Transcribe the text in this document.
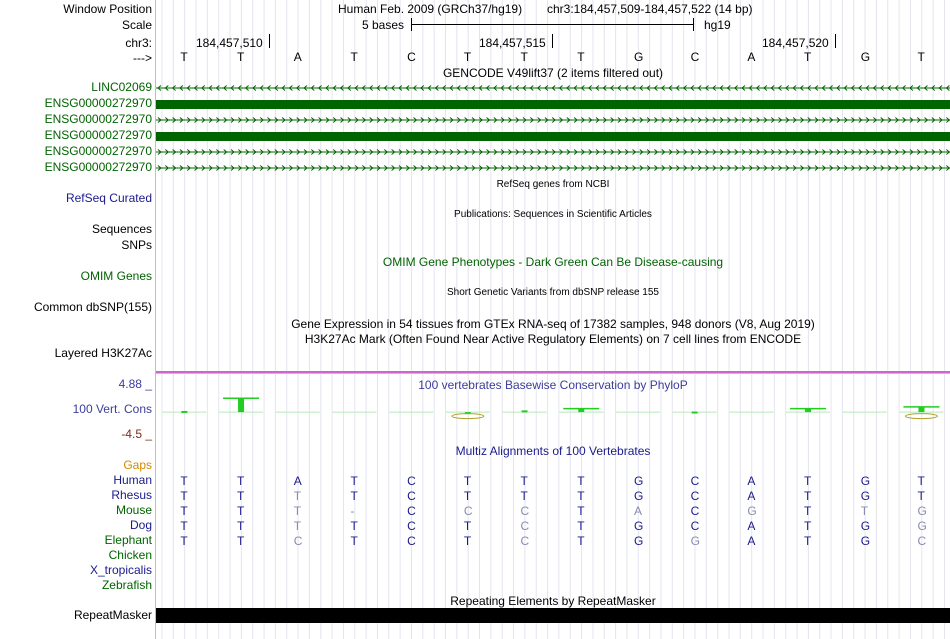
Window Position	Human Feb. 2009 (GRCh37/hg19) chr3:184,457,509-184,457,522 (14 bp)
Scale	5 bases	hg19
chr3:	184,457,510	184,457,515	184,457,520
---> T	T	A	T	C	T	T	T	G	C	A	T	G	T
GENCODE V49lift37 (2 items filtered out)
LINC02069
ENSG00000272970
ENSG00000272970
ENSG00000272970
ENSG00000272970
ENSG00000272970
RefSeq genes from NCBI
RefSeq Curated
Publications: Sequences in Scientific Articles
Sequences
SNPs
OMIM Gene Phenotypes - Dark Green Can Be Disease-causing
OMIM Genes
Short Genetic Variants from dbSNP release 155
Common dbSNP(155)
Gene Expression in 54 tissues from GTEx RNA-seq of 17382 samples, 948 donors (V8, Aug 2019)
H3K27Ac Mark (Often Found Near Active Regulatory Elements) on 7 cell lines from ENCODE
Layered H3K27Ac
4.88 _	100 vertebrates Basewise Conservation by PhyloP
100 Vert. Cons
-4.5 _
Multiz Alignments of 100 Vertebrates
Gaps
Human T	T	A	T	C	T	T	T	G	C	A	T	G	T
Rhesus T	T	T	T	C	T	T	T	G	C	A	T	G	T
Mouse T	T	T	-	C	C	C	T	A	C	G	T	T	G
Dog T	T	T	T	C	T	C	T	G	C	A	T	G	G
Elephant T	T	C	T	C	T	C	T	G	G	A	T	G	C
Chicken
X_tropicalis
Zebrafish
Repeating Elements by RepeatMasker
RepeatMasker
